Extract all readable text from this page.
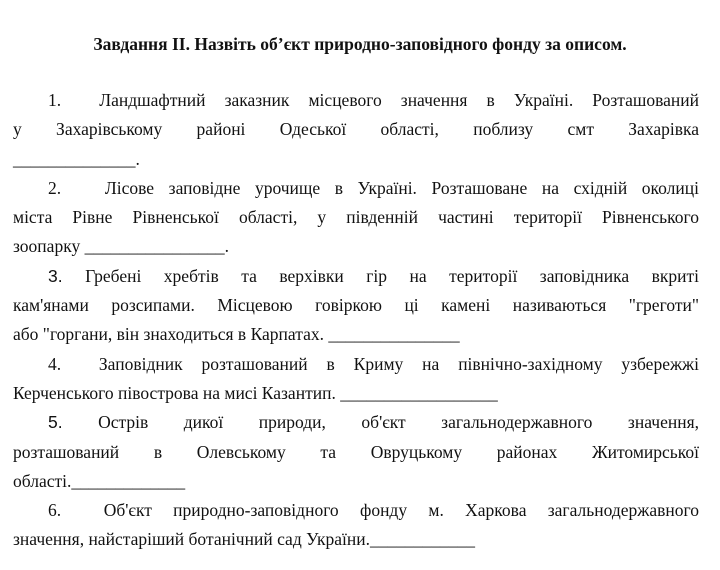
Завдання II. Назвіть об’єкт природно-заповідного фонду за описом.
  1. Ландшафтний заказник місцевого значення в Україні. Розташований
у Захарівському районі Одеської області, поблизу смт Захарівка
______________.
  2.	Лісове заповідне урочище в Україні. Розташоване на східній околиці
міста Рівне Рівненської області, у південній частині території Рівненського
зоопарку ________________.
  3. Гребені хребтів та верхівки гір на території заповідника вкриті
кам'янами розсипами. Місцевою говіркою ці камені називаються "греготи"
або "горгани, він знаходиться в Карпатах. _______________
  4. Заповідник розташований в Криму на північно-західному узбережжі
Керченського півострова на мисі Казантип. __________________
  5. Острів дикої природи, об'єкт загальнодержавного значення,
розташований в Олевському та Овруцькому районах Житомирської
області._____________
  6. Об'єкт природно-заповідного фонду м. Харкова загальнодержавного
значення, найстаріший ботанічний сад України.____________
